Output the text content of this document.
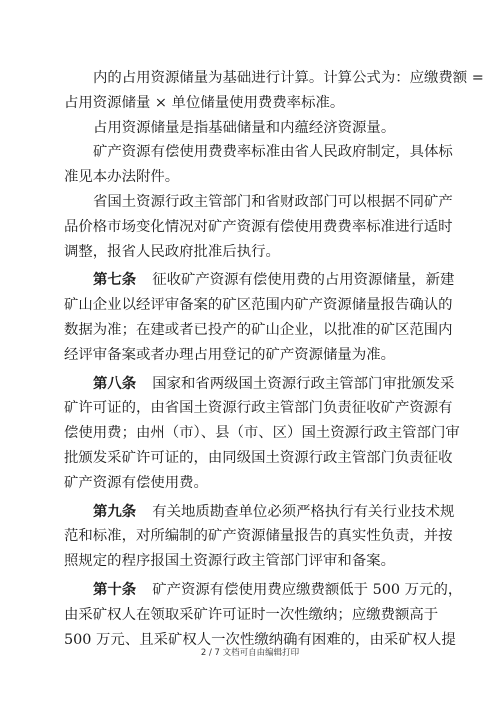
内的占用资源储量为基础进行计算。计算公式为：应缴费额 =
占用资源储量 × 单位储量使用费费率标准。
占用资源储量是指基础储量和内蕴经济资源量。
矿产资源有偿使用费费率标准由省人民政府制定，具体标
准见本办法附件。
省国土资源行政主管部门和省财政部门可以根据不同矿产
品价格市场变化情况对矿产资源有偿使用费费率标准进行适时
调整，报省人民政府批准后执行。
第七条 征收矿产资源有偿使用费的占用资源储量，新建
矿山企业以经评审备案的矿区范围内矿产资源储量报告确认的
数据为准；在建或者已投产的矿山企业，以批准的矿区范围内
经评审备案或者办理占用登记的矿产资源储量为准。
第八条 国家和省两级国土资源行政主管部门审批颁发采
矿许可证的，由省国土资源行政主管部门负责征收矿产资源有
偿使用费；由州（市）、县（市、区）国土资源行政主管部门审
批颁发采矿许可证的，由同级国土资源行政主管部门负责征收
矿产资源有偿使用费。
第九条 有关地质勘查单位必须严格执行有关行业技术规
范和标准，对所编制的矿产资源储量报告的真实性负责，并按
照规定的程序报国土资源行政主管部门评审和备案。
第十条 矿产资源有偿使用费应缴费额低于 500 万元的，
由采矿权人在领取采矿许可证时一次性缴纳；应缴费额高于
500 万元、且采矿权人一次性缴纳确有困难的，由采矿权人提
2 / 7 文档可自由编辑打印
